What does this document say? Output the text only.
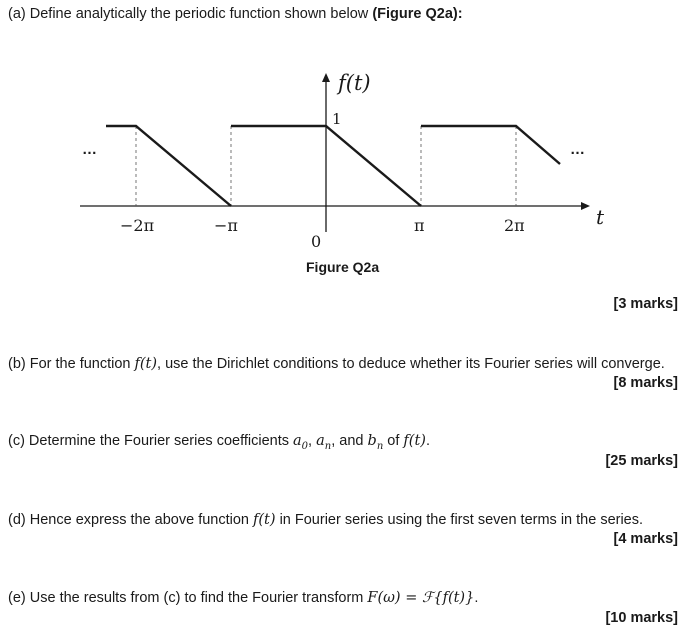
(a) Define analytically the periodic function shown below (Figure Q2a):
f(t)
1
…	…
−2π	−π	π	2π	t
0
Figure Q2a
[3 marks]
(b) For the function f(t), use the Dirichlet conditions to deduce whether its Fourier series will converge.
[8 marks]
(c) Determine the Fourier series coefficients $a_0$, $a_n$, and $b_n$ of f(t).
[25 marks]
(d) Hence express the above function f(t) in Fourier series using the first seven terms in the series.
[4 marks]
(e) Use the results from (c) to find the Fourier transform F(ω) = ℱ{f(t)}.
[10 marks]
